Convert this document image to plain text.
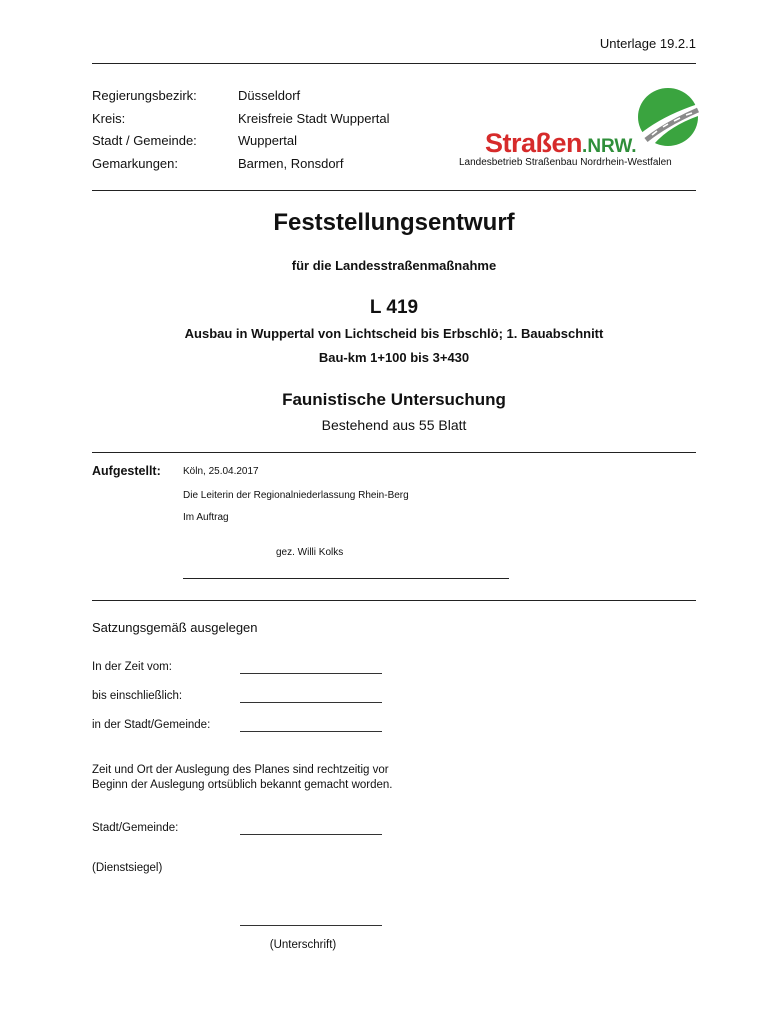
Unterlage 19.2.1
Regierungsbezirk:	Düsseldorf
Kreis:	Kreisfreie Stadt Wuppertal
Stadt / Gemeinde:	Wuppertal
Gemarkungen:	Barmen, Ronsdorf
Straßen.NRW.
Landesbetrieb Straßenbau Nordrhein-Westfalen
Feststellungsentwurf
für die Landesstraßenmaßnahme
L 419
Ausbau in Wuppertal von Lichtscheid bis Erbschlö; 1. Bauabschnitt
Bau-km 1+100 bis 3+430
Faunistische Untersuchung
Bestehend aus 55 Blatt
Aufgestellt: Köln, 25.04.2017
Die Leiterin der Regionalniederlassung Rhein-Berg
Im Auftrag
gez. Willi Kolks
Satzungsgemäß ausgelegen
In der Zeit vom:
bis einschließlich:
in der Stadt/Gemeinde:
Zeit und Ort der Auslegung des Planes sind rechtzeitig vor Beginn der Auslegung ortsüblich bekannt gemacht worden.
Stadt/Gemeinde:
(Dienstsiegel)
(Unterschrift)
